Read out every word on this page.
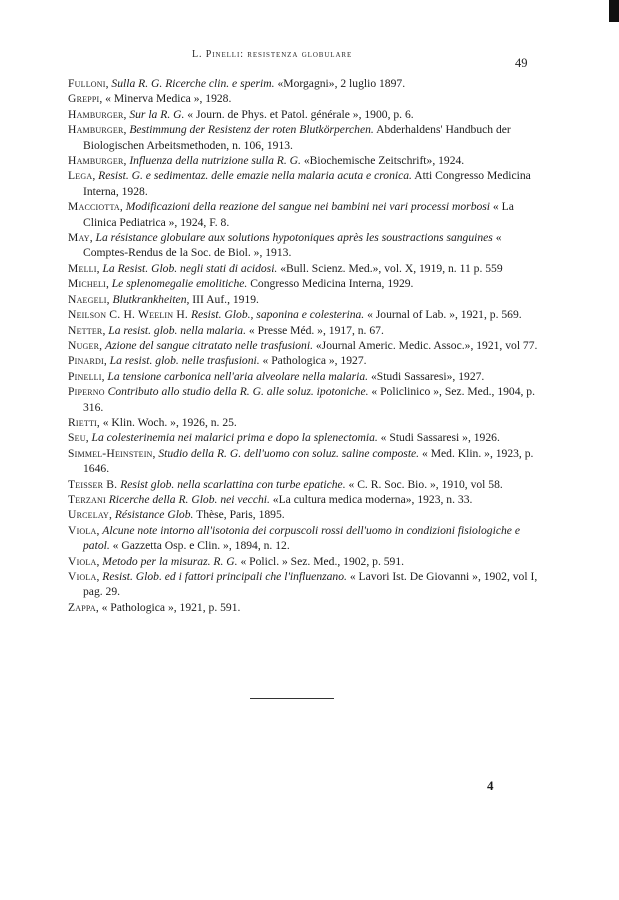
L. Pinelli: resistenza globulare
49
Fulloni, Sulla R. G. Ricerche clin. e sperim. «Morgagni», 2 luglio 1897.
Greppi, « Minerva Medica », 1928.
Hamburger, Sur la R. G. « Journ. de Phys. et Patol. générale », 1900, p. 6.
Hamburger, Bestimmung der Resistenz der roten Blutkörperchen. Abderhaldens' Handbuch der Biologischen Arbeitsmethoden, n. 106, 1913.
Hamburger, Influenza della nutrizione sulla R. G. «Biochemische Zeitschrift», 1924.
Lega, Resist. G. e sedimentaz. delle emazie nella malaria acuta e cronica. Atti Congresso Medicina Interna, 1928.
Macciotta, Modificazioni della reazione del sangue nei bambini nei vari processi morbosi « La Clinica Pediatrica », 1924, F. 8.
May, La résistance globulare aux solutions hypotoniques après les soustractions sanguines « Comptes-Rendus de la Soc. de Biol. », 1913.
Melli, La Resist. Glob. negli stati di acidosi. «Bull. Scienz. Med.», vol. X, 1919, n. 11 p. 559
Micheli, Le splenomegalie emolitiche. Congresso Medicina Interna, 1929.
Naegeli, Blutkrankheiten, III Auf., 1919.
Neilson C. H. Weelin H. Resist. Glob., saponina e colesterina. « Journal of Lab. », 1921, p. 569.
Netter, La resist. glob. nella malaria. « Presse Méd. », 1917, n. 67.
Nuger, Azione del sangue citratato nelle trasfusioni. «Journal Americ. Medic. Assoc.», 1921, vol 77.
Pinardi, La resist. glob. nelle trasfusioni. « Pathologica », 1927.
Pinelli, La tensione carbonica nell'aria alveolare nella malaria. «Studi Sassaresi», 1927.
Piperno Contributo allo studio della R. G. alle soluz. ipotoniche. « Policlinico », Sez. Med., 1904, p. 316.
Rietti, « Klin. Woch. », 1926, n. 25.
Seu, La colesterinemia nei malarici prima e dopo la splenectomia. « Studi Sassaresi », 1926.
Simmel-Heinstein, Studio della R. G. dell'uomo con soluz. saline composte. « Med. Klin. », 1923, p. 1646.
Teisser B. Resist glob. nella scarlattina con turbe epatiche. « C. R. Soc. Bio. », 1910, vol 58.
Terzani Ricerche della R. Glob. nei vecchi. «La cultura medica moderna», 1923, n. 33.
Urcelay, Résistance Glob. Thèse, Paris, 1895.
Viola, Alcune note intorno all'isotonia dei corpuscoli rossi dell'uomo in condizioni fisiologiche e patol. « Gazzetta Osp. e Clin. », 1894, n. 12.
Viola, Metodo per la misuraz. R. G. « Policl. » Sez. Med., 1902, p. 591.
Viola, Resist. Glob. ed i fattori principali che l'influenzano. « Lavori Ist. De Giovanni », 1902, vol I, pag. 29.
Zappa, « Pathologica », 1921, p. 591.
4
